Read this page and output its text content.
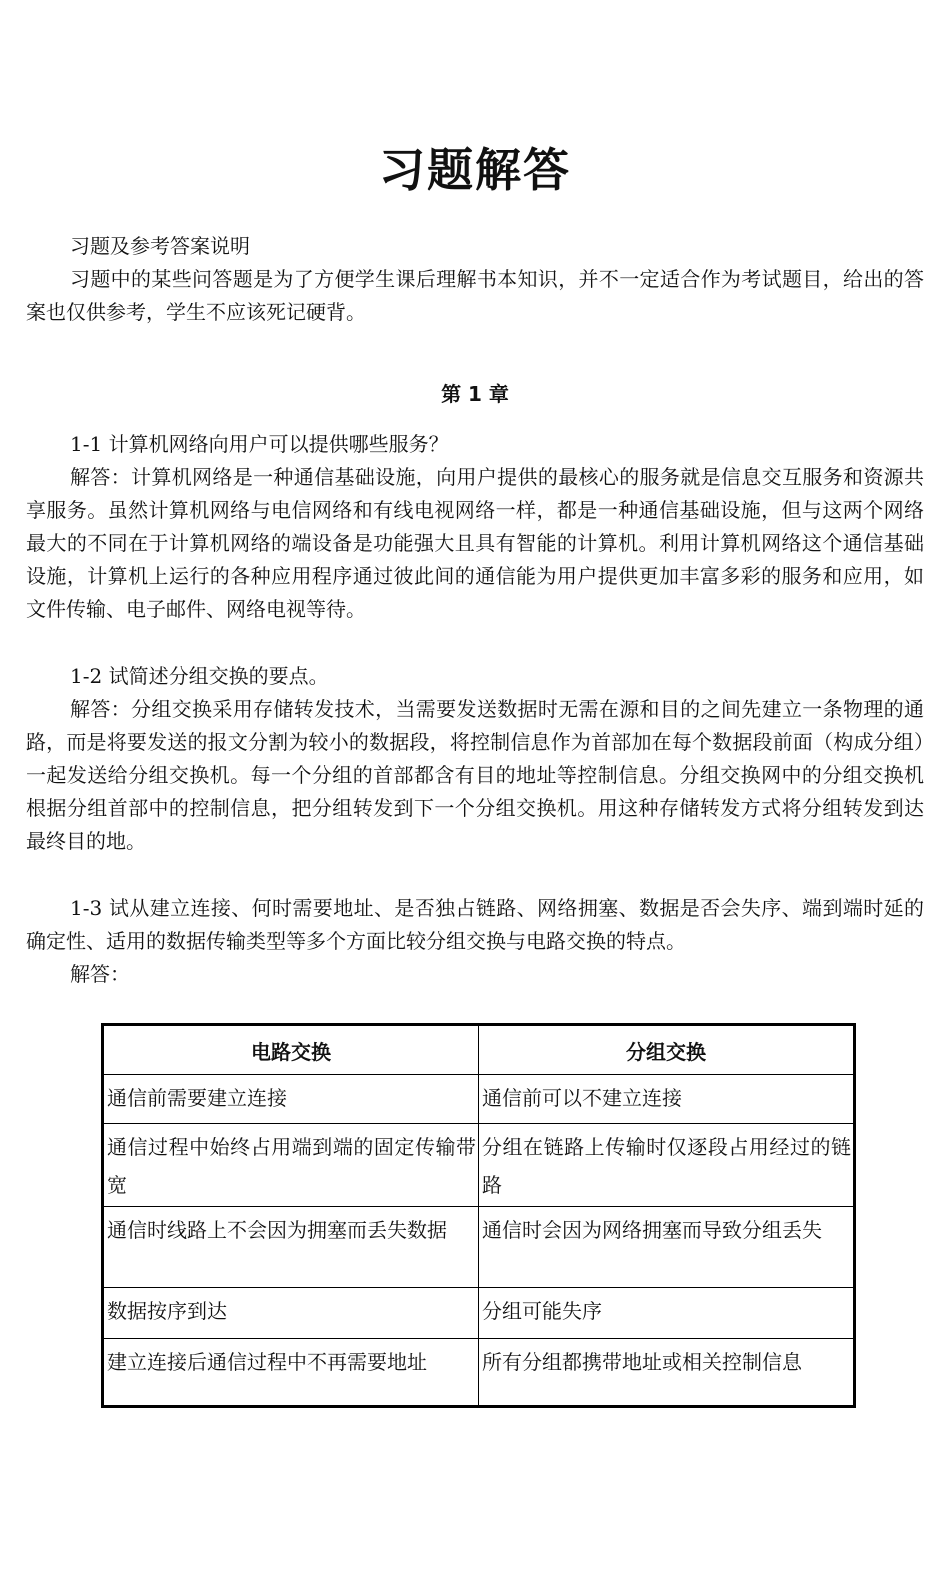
习题解答
习题及参考答案说明
习题中的某些问答题是为了方便学生课后理解书本知识，并不一定适合作为考试题目，给出的答案也仅供参考，学生不应该死记硬背。
第 1 章
1-1 计算机网络向用户可以提供哪些服务？
解答：计算机网络是一种通信基础设施，向用户提供的最核心的服务就是信息交互服务和资源共享服务。虽然计算机网络与电信网络和有线电视网络一样，都是一种通信基础设施，但与这两个网络最大的不同在于计算机网络的端设备是功能强大且具有智能的计算机。利用计算机网络这个通信基础设施，计算机上运行的各种应用程序通过彼此间的通信能为用户提供更加丰富多彩的服务和应用，如文件传输、电子邮件、网络电视等待。
1-2 试简述分组交换的要点。
解答：分组交换采用存储转发技术，当需要发送数据时无需在源和目的之间先建立一条物理的通路，而是将要发送的报文分割为较小的数据段，将控制信息作为首部加在每个数据段前面（构成分组）一起发送给分组交换机。每一个分组的首部都含有目的地址等控制信息。分组交换网中的分组交换机根据分组首部中的控制信息，把分组转发到下一个分组交换机。用这种存储转发方式将分组转发到达最终目的地。
1-3 试从建立连接、何时需要地址、是否独占链路、网络拥塞、数据是否会失序、端到端时延的确定性、适用的数据传输类型等多个方面比较分组交换与电路交换的特点。
解答：
电路交换	分组交换
通信前需要建立连接	通信前可以不建立连接
通信过程中始终占用端到端的固定传输带宽	分组在链路上传输时仅逐段占用经过的链路
通信时线路上不会因为拥塞而丢失数据	通信时会因为网络拥塞而导致分组丢失
数据按序到达	分组可能失序
建立连接后通信过程中不再需要地址	所有分组都携带地址或相关控制信息
